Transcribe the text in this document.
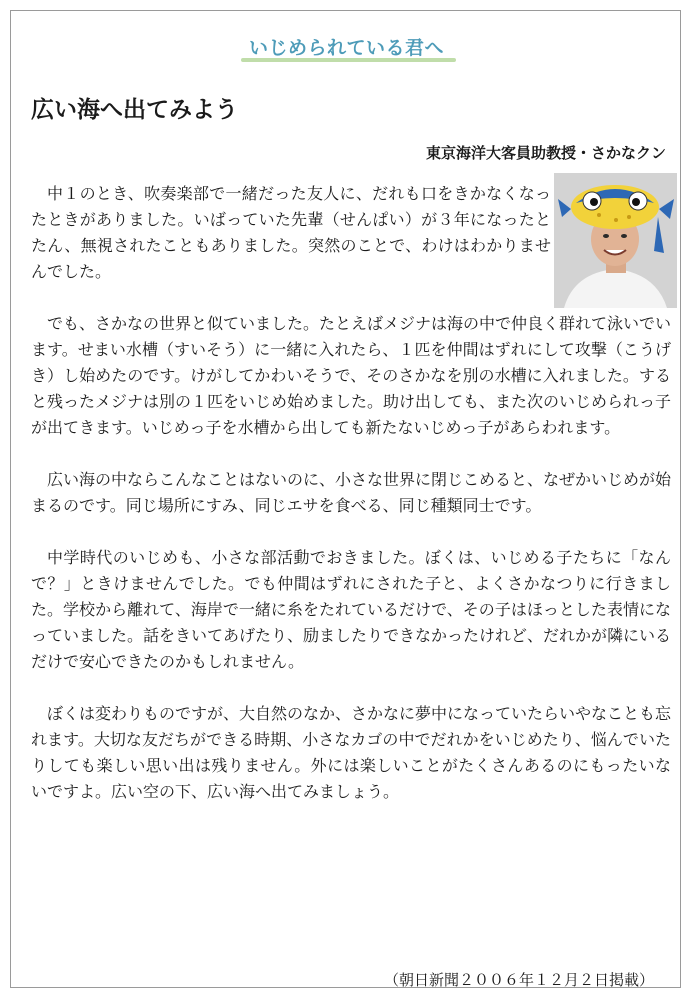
いじめられている君へ
広い海へ出てみよう
東京海洋大客員助教授・さかなクン

中１のとき、吹奏楽部で一緒だった友人に、だれも口をきかなくなったときがありました。いばっていた先輩（せんぱい）が３年になったとたん、無視されたこともありました。突然のことで、わけはわかりませんでした。

でも、さかなの世界と似ていました。たとえばメジナは海の中で仲良く群れて泳いでいます。せまい水槽（すいそう）に一緒に入れたら、１匹を仲間はずれにして攻撃（こうげき）し始めたのです。けがしてかわいそうで、そのさかなを別の水槽に入れました。すると残ったメジナは別の１匹をいじめ始めました。助け出しても、また次のいじめられっ子が出てきます。いじめっ子を水槽から出しても新たないじめっ子があらわれます。

広い海の中ならこんなことはないのに、小さな世界に閉じこめると、なぜかいじめが始まるのです。同じ場所にすみ、同じエサを食べる、同じ種類同士です。

中学時代のいじめも、小さな部活動でおきました。ぼくは、いじめる子たちに「なんで？」ときけませんでした。でも仲間はずれにされた子と、よくさかなつりに行きました。学校から離れて、海岸で一緒に糸をたれているだけで、その子はほっとした表情になっていました。話をきいてあげたり、励ましたりできなかったけれど、だれかが隣にいるだけで安心できたのかもしれません。

ぼくは変わりものですが、大自然のなか、さかなに夢中になっていたらいやなことも忘れます。大切な友だちができる時期、小さなカゴの中でだれかをいじめたり、悩んでいたりしても楽しい思い出は残りません。外には楽しいことがたくさんあるのにもったいないですよ。広い空の下、広い海へ出てみましょう。

（朝日新聞２００６年１２月２日掲載）
